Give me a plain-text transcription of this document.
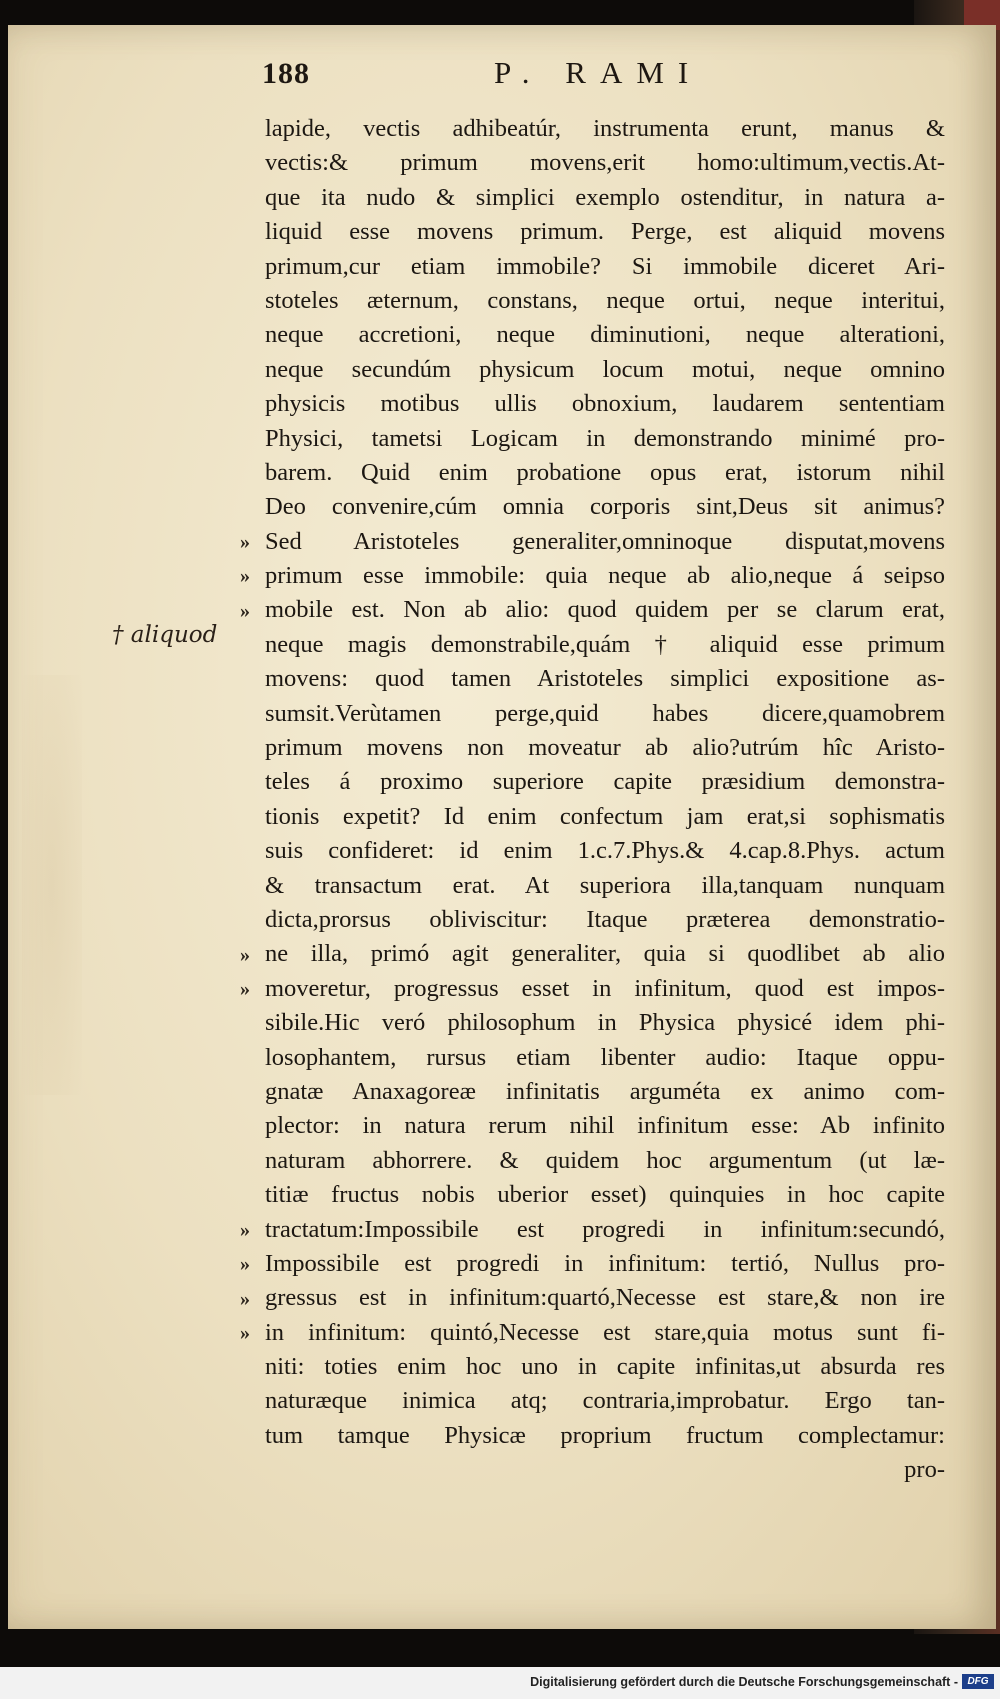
188	P. RAMI
† aliquod
»
»
»
»
»
»
»
»
»
lapide, vectis adhibeatúr, instrumenta erunt, manus &
vectis:& primum movens,erit homo:ultimum,vectis.At-
que ita nudo & simplici exemplo ostenditur, in natura a-
liquid esse movens primum. Perge, est aliquid movens
primum,cur etiam immobile? Si immobile diceret Ari-
stoteles æternum, constans, neque ortui, neque interitui,
neque accretioni, neque diminutioni, neque alterationi,
neque secundúm physicum locum motui, neque omnino
physicis motibus ullis obnoxium, laudarem sententiam
Physici, tametsi Logicam in demonstrando minimé pro-
barem. Quid enim probatione opus erat, istorum nihil
Deo convenire,cúm omnia corporis sint,Deus sit animus?
Sed Aristoteles generaliter,omninoque disputat,movens
primum esse immobile: quia neque ab alio,neque á seipso
mobile est. Non ab alio: quod quidem per se clarum erat,
neque magis demonstrabile,quám † aliquid esse primum
movens: quod tamen Aristoteles simplici expositione as-
sumsit.Verùtamen perge,quid habes dicere,quamobrem
primum movens non moveatur ab alio?utrúm hîc Aristo-
teles á proximo superiore capite præsidium demonstra-
tionis expetit? Id enim confectum jam erat,si sophismatis
suis confideret: id enim 1.c.7.Phys.& 4.cap.8.Phys. actum
& transactum erat. At superiora illa,tanquam nunquam
dicta,prorsus obliviscitur: Itaque præterea demonstratio-
ne illa, primó agit generaliter, quia si quodlibet ab alio
moveretur, progressus esset in infinitum, quod est impos-
sibile.Hic veró philosophum in Physica physicé idem phi-
losophantem, rursus etiam libenter audio: Itaque oppu-
gnatæ Anaxagoreæ infinitatis arguméta ex animo com-
plector: in natura rerum nihil infinitum esse: Ab infinito
naturam abhorrere. & quidem hoc argumentum (ut læ-
titiæ fructus nobis uberior esset) quinquies in hoc capite
tractatum:Impossibile est progredi in infinitum:secundó,
Impossibile est progredi in infinitum: tertió, Nullus pro-
gressus est in infinitum:quartó,Necesse est stare,& non ire
in infinitum: quintó,Necesse est stare,quia motus sunt fi-
niti: toties enim hoc uno in capite infinitas,ut absurda res
naturæque inimica atq; contraria,improbatur. Ergo tan-
tum tamque Physicæ proprium fructum complectamur:
pro-
Digitalisierung gefördert durch die Deutsche Forschungsgemeinschaft - DFG
